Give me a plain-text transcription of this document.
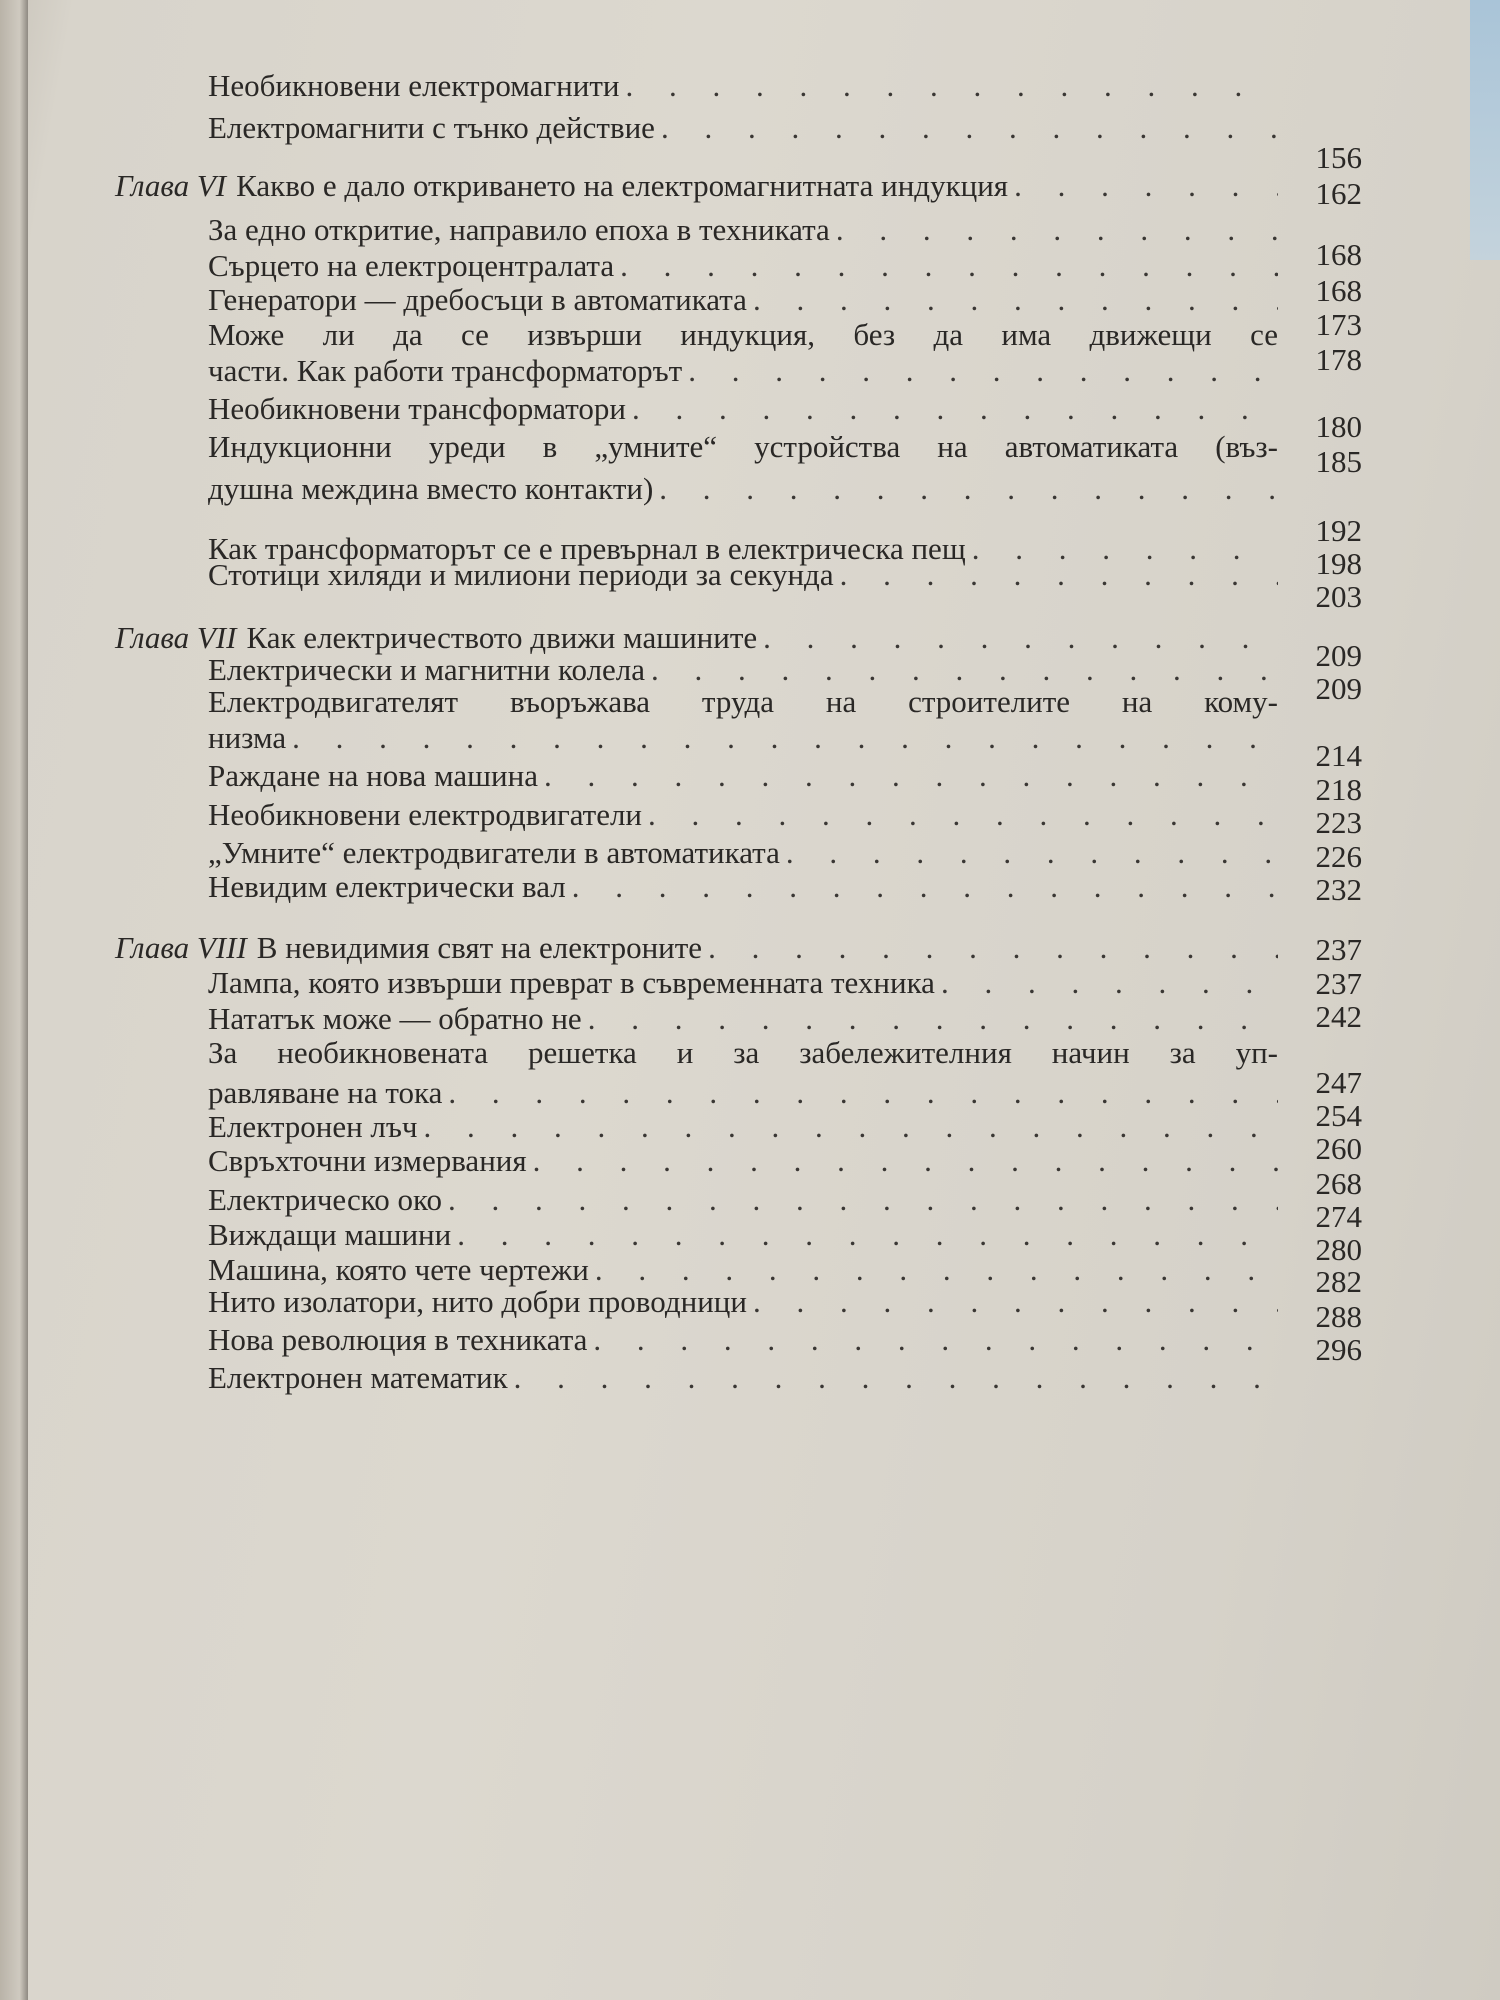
Необикновени електромагнити
. . .
Електромагнити с тънко действие
. . .
Глава VI Какво е дало откриването на електромагнитната индукция
. . .
За едно откритие, направило епоха в техниката
. . .
Сърцето на електроцентралата
. . .
Генератори — дребосъци в автоматиката
. . .
Може ли да се извърши индукция, без да има движещи се
части. Как работи трансформаторът
. . .
Необикновени трансформатори
. . .
Индукционни уреди в „умните“ устройства на автоматиката (въз-
душна междина вместо контакти)
. . .
Как трансформаторът се е превърнал в електрическа пещ
. . .
Стотици хиляди и милиони периоди за секунда
. . .
Глава VII Как електричеството движи машините
. . .
Електрически и магнитни колела
. . .
Електродвигателят въоръжава труда на строителите на кому-
низма
. . .
Раждане на нова машина
. . .
Необикновени електродвигатели
. . .
„Умните“ електродвигатели в автоматиката
. . .
Невидим електрически вал
. . .
Глава VIII В невидимия свят на електроните
. . .
Лампа, която извърши преврат в съвременната техника
. . .
Нататък може — обратно не
. . .
За необикновената решетка и за забележителния начин за уп-
равляване на тока
. . .
Електронен лъч
. . .
Свръхточни измервания
. . .
Електрическо око
. . .
Виждащи машини
. . .
Машина, която чете чертежи
. . .
Нито изолатори, нито добри проводници
. . .
Нова революция в техниката
. . .
Електронен математик
. . .
156
162
168
168
173
178
180
185
192
198
203
209
209
214
218
223
226
232
237
237
242
247
254
260
268
274
280
282
288
296
